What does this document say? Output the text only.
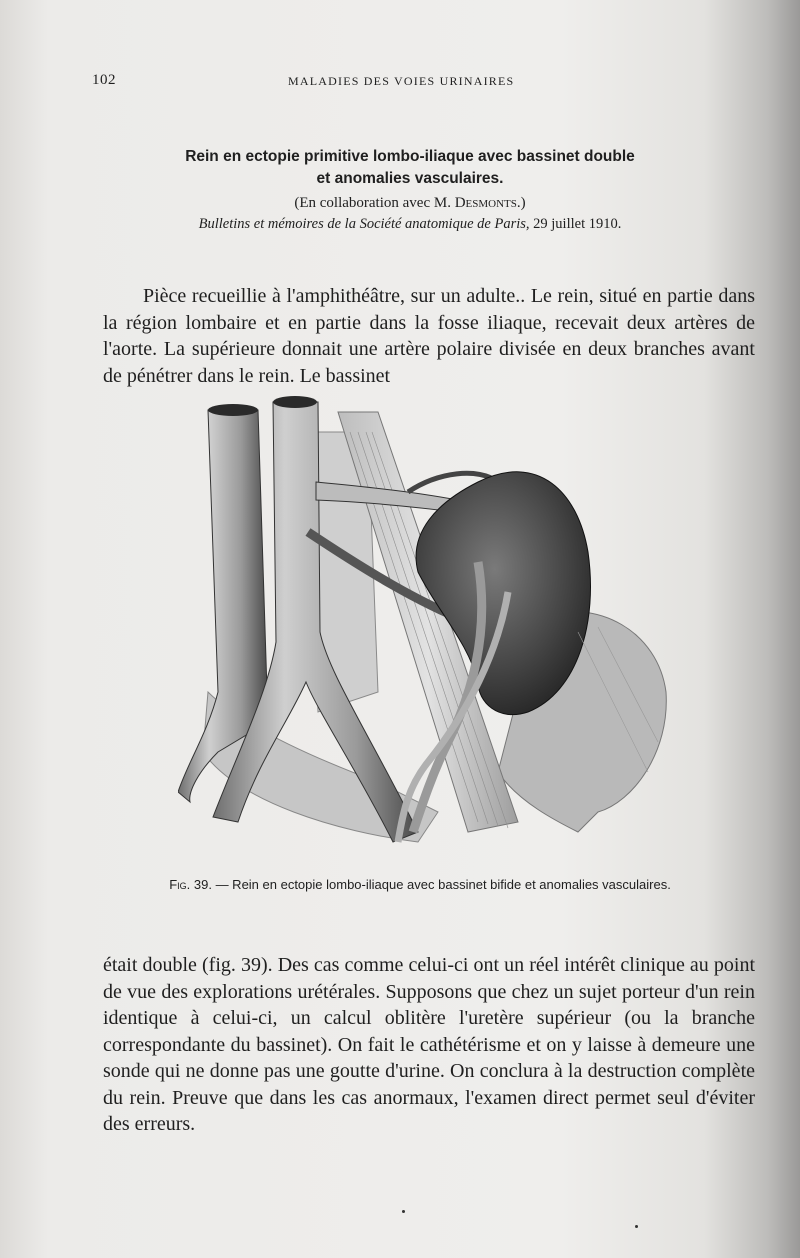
102	MALADIES DES VOIES URINAIRES
Rein en ectopie primitive lombo-iliaque avec bassinet double
et anomalies vasculaires.
(En collaboration avec M. Desmonts.)
Bulletins et mémoires de la Société anatomique de Paris, 29 juillet 1910.

Pièce recueillie à l'amphithéâtre, sur un adulte.. Le rein, situé en partie dans la région lombaire et en partie dans la fosse iliaque, recevait deux artères de l'aorte. La supérieure donnait une artère polaire divisée en deux branches avant de pénétrer dans le rein. Le bassinet

Fig. 39. — Rein en ectopie lombo-iliaque avec bassinet bifide et anomalies vasculaires.

était double (fig. 39). Des cas comme celui-ci ont un réel intérêt clinique au point de vue des explorations urétérales. Supposons que chez un sujet porteur d'un rein identique à celui-ci, un calcul oblitère l'uretère supérieur (ou la branche correspondante du bassinet). On fait le cathétérisme et on y laisse à demeure une sonde qui ne donne pas une goutte d'urine. On conclura à la destruction complète du rein. Preuve que dans les cas anormaux, l'examen direct permet seul d'éviter des erreurs.
